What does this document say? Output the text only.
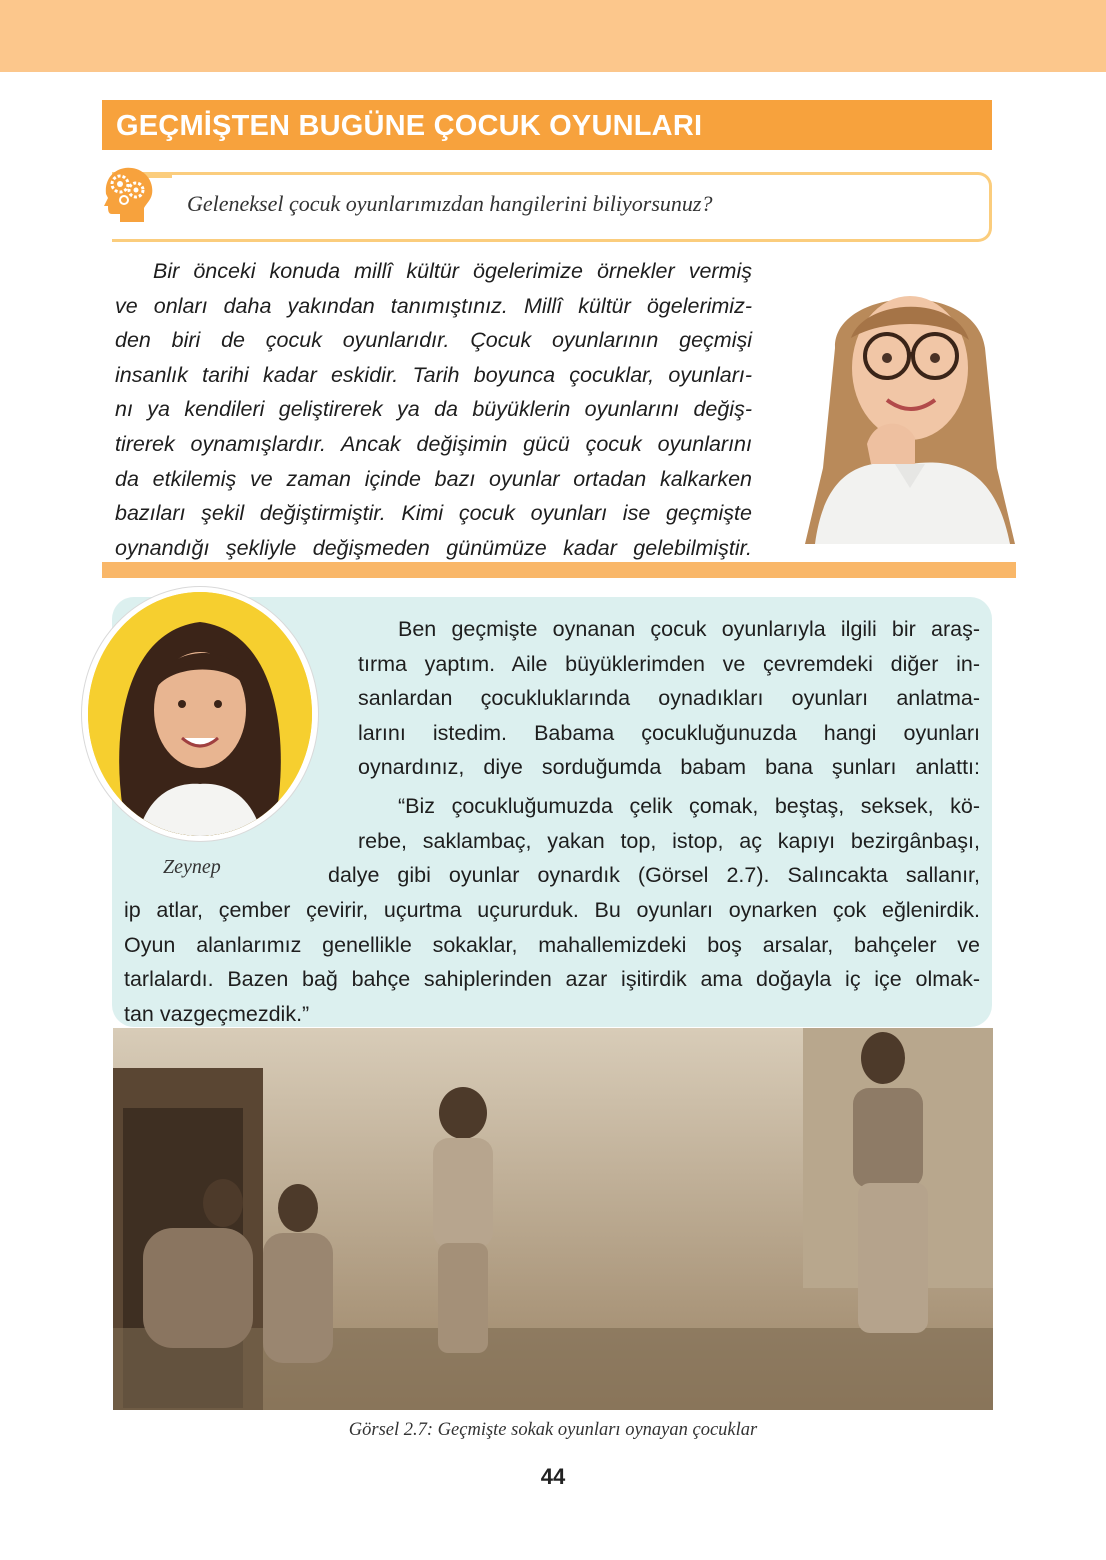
GEÇMİŞTEN BUGÜNE ÇOCUK OYUNLARI
Geleneksel çocuk oyunlarımızdan hangilerini biliyorsunuz?
Bir önceki konuda millî kültür ögelerimize örnekler vermiş
ve onları daha yakından tanımıştınız. Millî kültür ögelerimiz-
den biri de çocuk oyunlarıdır. Çocuk oyunlarının geçmişi
insanlık tarihi kadar eskidir. Tarih boyunca çocuklar, oyunları-
nı ya kendileri geliştirerek ya da büyüklerin oyunlarını değiş-
tirerek oynamışlardır. Ancak değişimin gücü çocuk oyunlarını
da etkilemiş ve zaman içinde bazı oyunlar ortadan kalkarken
bazıları şekil değiştirmiştir. Kimi çocuk oyunları ise geçmişte
oynandığı şekliyle değişmeden günümüze kadar gelebilmiştir.
Zeynep
Ben geçmişte oynanan çocuk oyunlarıyla ilgili bir araş-
tırma yaptım. Aile büyüklerimden ve çevremdeki diğer in-
sanlardan çocukluklarında oynadıkları oyunları anlatma-
larını istedim. Babama çocukluğunuzda hangi oyunları
oynardınız, diye sorduğumda babam bana şunları anlattı:
“Biz çocukluğumuzda çelik çomak, beştaş, seksek, kö-
rebe, saklambaç, yakan top, istop, aç kapıyı bezirgânbaşı,
dalye gibi oyunlar oynardık (Görsel 2.7). Salıncakta sallanır,
ip atlar, çember çevirir, uçurtma uçururduk. Bu oyunları oynarken çok eğlenirdik.
Oyun alanlarımız genellikle sokaklar, mahallemizdeki boş arsalar, bahçeler ve
tarlalardı. Bazen bağ bahçe sahiplerinden azar işitirdik ama doğayla iç içe olmak-
tan vazgeçmezdik.”
Görsel 2.7: Geçmişte sokak oyunları oynayan çocuklar
44
